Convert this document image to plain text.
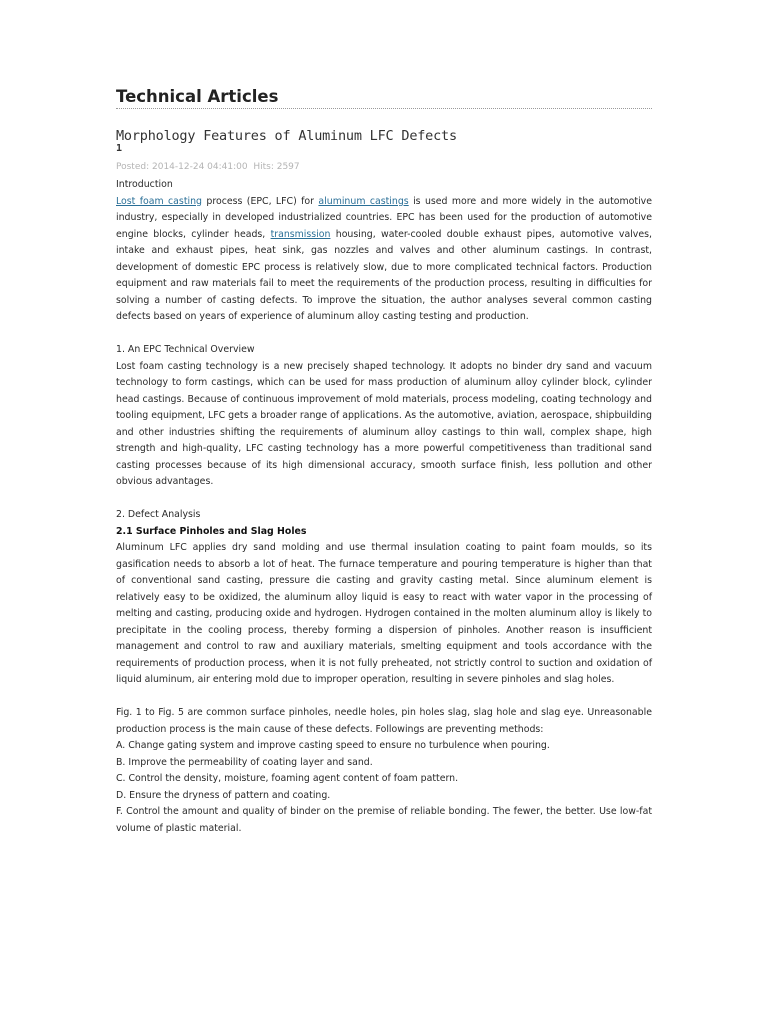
Technical Articles
Morphology Features of Aluminum LFC Defects
1
Posted: 2014-12-24 04:41:00 Hits: 2597

Introduction

Lost foam casting process (EPC, LFC) for aluminum castings is used more and more widely in the automotive industry, especially in developed industrialized countries. EPC has been used for the production of automotive engine blocks, cylinder heads, transmission housing, water-cooled double exhaust pipes, automotive valves, intake and exhaust pipes, heat sink, gas nozzles and valves and other aluminum castings. In contrast, development of domestic EPC process is relatively slow, due to more complicated technical factors. Production equipment and raw materials fail to meet the requirements of the production process, resulting in difficulties for solving a number of casting defects. To improve the situation, the author analyses several common casting defects based on years of experience of aluminum alloy casting testing and production.

1. An EPC Technical Overview

Lost foam casting technology is a new precisely shaped technology. It adopts no binder dry sand and vacuum technology to form castings, which can be used for mass production of aluminum alloy cylinder block, cylinder head castings. Because of continuous improvement of mold materials, process modeling, coating technology and tooling equipment, LFC gets a broader range of applications. As the automotive, aviation, aerospace, shipbuilding and other industries shifting the requirements of aluminum alloy castings to thin wall, complex shape, high strength and high-quality, LFC casting technology has a more powerful competitiveness than traditional sand casting processes because of its high dimensional accuracy, smooth surface finish, less pollution and other obvious advantages.

2. Defect Analysis

2.1 Surface Pinholes and Slag Holes

Aluminum LFC applies dry sand molding and use thermal insulation coating to paint foam moulds, so its gasification needs to absorb a lot of heat. The furnace temperature and pouring temperature is higher than that of conventional sand casting, pressure die casting and gravity casting metal. Since aluminum element is relatively easy to be oxidized, the aluminum alloy liquid is easy to react with water vapor in the processing of melting and casting, producing oxide and hydrogen. Hydrogen contained in the molten aluminum alloy is likely to precipitate in the cooling process, thereby forming a dispersion of pinholes. Another reason is insufficient management and control to raw and auxiliary materials, smelting equipment and tools accordance with the requirements of production process, when it is not fully preheated, not strictly control to suction and oxidation of liquid aluminum, air entering mold due to improper operation, resulting in severe pinholes and slag holes.

Fig. 1 to Fig. 5 are common surface pinholes, needle holes, pin holes slag, slag hole and slag eye. Unreasonable production process is the main cause of these defects. Followings are preventing methods:

A. Change gating system and improve casting speed to ensure no turbulence when pouring.

B. Improve the permeability of coating layer and sand.

C. Control the density, moisture, foaming agent content of foam pattern.

D. Ensure the dryness of pattern and coating.

F. Control the amount and quality of binder on the premise of reliable bonding. The fewer, the better. Use low-fat volume of plastic material.
